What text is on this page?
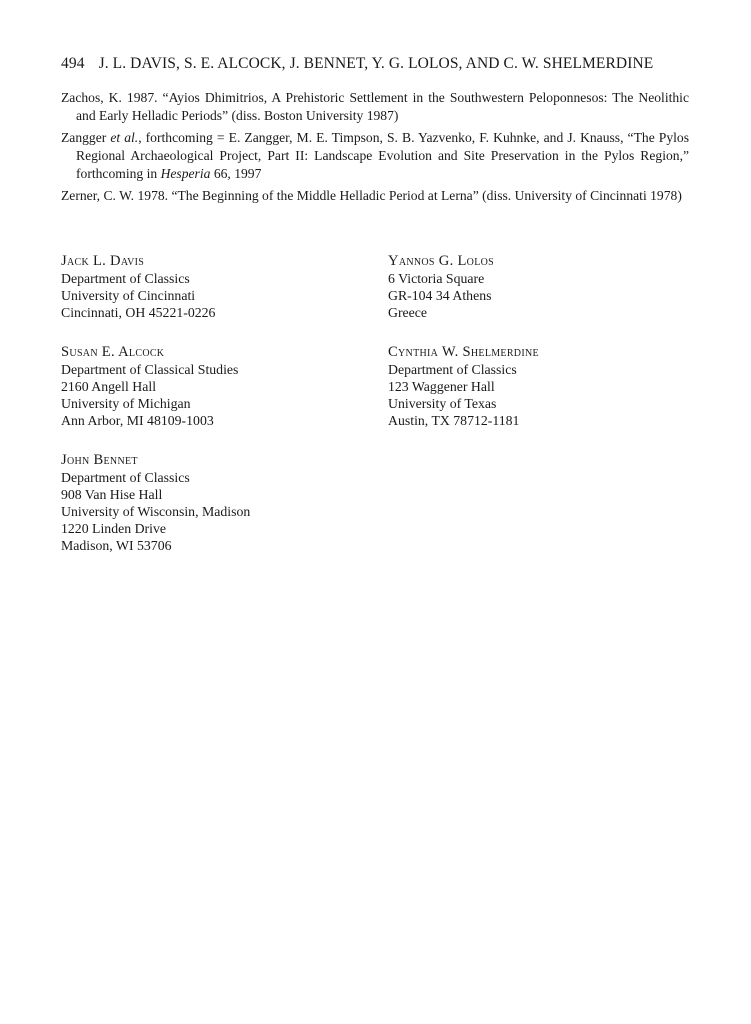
494 J. L. DAVIS, S. E. ALCOCK, J. BENNET, Y. G. LOLOS, AND C. W. SHELMERDINE

Zachos, K. 1987. “Ayios Dhimitrios, A Prehistoric Settlement in the Southwestern Peloponnesos: The Neolithic and Early Helladic Periods” (diss. Boston University 1987)

Zangger et al., forthcoming = E. Zangger, M. E. Timpson, S. B. Yazvenko, F. Kuhnke, and J. Knauss, “The Pylos Regional Archaeological Project, Part II: Landscape Evolution and Site Preservation in the Pylos Region,” forthcoming in Hesperia 66, 1997

Zerner, C. W. 1978. “The Beginning of the Middle Helladic Period at Lerna” (diss. University of Cincinnati 1978)

Jack L. Davis
Department of Classics
University of Cincinnati
Cincinnati, OH 45221-0226
Susan E. Alcock
Department of Classical Studies
2160 Angell Hall
University of Michigan
Ann Arbor, MI 48109-1003
John Bennet
Department of Classics
908 Van Hise Hall
University of Wisconsin, Madison
1220 Linden Drive
Madison, WI 53706
Yannos G. Lolos
6 Victoria Square
GR-104 34 Athens
Greece
Cynthia W. Shelmerdine
Department of Classics
123 Waggener Hall
University of Texas
Austin, TX 78712-1181
